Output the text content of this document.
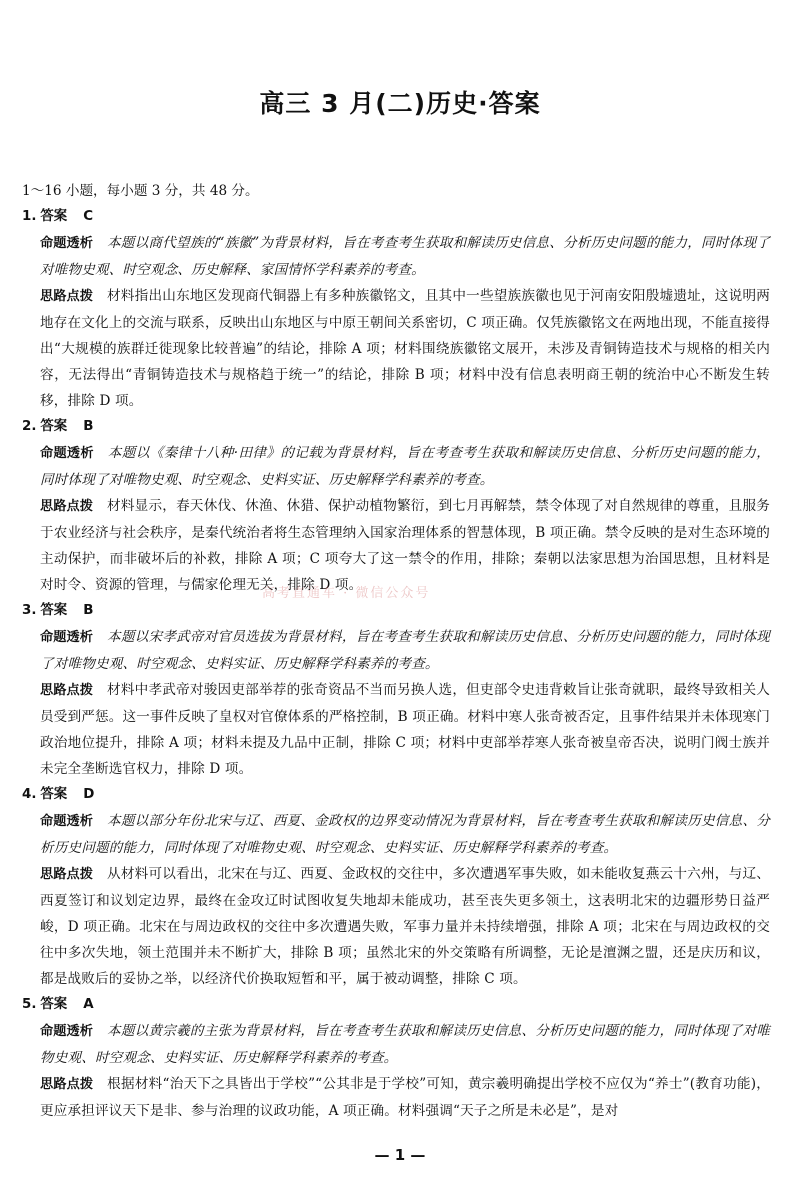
高三 3 月(二)历史·答案

1～16 小题，每小题 3 分，共 48 分。

1. 答案 C

命题透析 本题以商代望族的“族徽”为背景材料，旨在考查考生获取和解读历史信息、分析历史问题的能力，同时体现了对唯物史观、时空观念、历史解释、家国情怀学科素养的考查。

思路点拨 材料指出山东地区发现商代铜器上有多种族徽铭文，且其中一些望族族徽也见于河南安阳殷墟遗址，这说明两地存在文化上的交流与联系，反映出山东地区与中原王朝间关系密切，C 项正确。仅凭族徽铭文在两地出现，不能直接得出“大规模的族群迁徙现象比较普遍”的结论，排除 A 项；材料围绕族徽铭文展开，未涉及青铜铸造技术与规格的相关内容，无法得出“青铜铸造技术与规格趋于统一”的结论，排除 B 项；材料中没有信息表明商王朝的统治中心不断发生转移，排除 D 项。

2. 答案 B

命题透析 本题以《秦律十八种·田律》的记载为背景材料，旨在考查考生获取和解读历史信息、分析历史问题的能力，同时体现了对唯物史观、时空观念、史料实证、历史解释学科素养的考查。

思路点拨 材料显示，春天休伐、休渔、休猎、保护动植物繁衍，到七月再解禁，禁令体现了对自然规律的尊重，且服务于农业经济与社会秩序，是秦代统治者将生态管理纳入国家治理体系的智慧体现，B 项正确。禁令反映的是对生态环境的主动保护，而非破坏后的补救，排除 A 项；C 项夸大了这一禁令的作用，排除；秦朝以法家思想为治国思想，且材料是对时令、资源的管理，与儒家伦理无关，排除 D 项。

3. 答案 B

命题透析 本题以宋孝武帝对官员选拔为背景材料，旨在考查考生获取和解读历史信息、分析历史问题的能力，同时体现了对唯物史观、时空观念、史料实证、历史解释学科素养的考查。

思路点拨 材料中孝武帝对骏因吏部举荐的张奇资品不当而另换人选，但吏部令史违背敕旨让张奇就职，最终导致相关人员受到严惩。这一事件反映了皇权对官僚体系的严格控制，B 项正确。材料中寒人张奇被否定，且事件结果并未体现寒门政治地位提升，排除 A 项；材料未提及九品中正制，排除 C 项；材料中吏部举荐寒人张奇被皇帝否决，说明门阀士族并未完全垄断选官权力，排除 D 项。

4. 答案 D

命题透析 本题以部分年份北宋与辽、西夏、金政权的边界变动情况为背景材料，旨在考查考生获取和解读历史信息、分析历史问题的能力，同时体现了对唯物史观、时空观念、史料实证、历史解释学科素养的考查。

思路点拨 从材料可以看出，北宋在与辽、西夏、金政权的交往中，多次遭遇军事失败，如未能收复燕云十六州，与辽、西夏签订和议划定边界，最终在金攻辽时试图收复失地却未能成功，甚至丧失更多领土，这表明北宋的边疆形势日益严峻，D 项正确。北宋在与周边政权的交往中多次遭遇失败，军事力量并未持续增强，排除 A 项；北宋在与周边政权的交往中多次失地，领土范围并未不断扩大，排除 B 项；虽然北宋的外交策略有所调整，无论是澶渊之盟，还是庆历和议，都是战败后的妥协之举，以经济代价换取短暂和平，属于被动调整，排除 C 项。

5. 答案 A

命题透析 本题以黄宗羲的主张为背景材料，旨在考查考生获取和解读历史信息、分析历史问题的能力，同时体现了对唯物史观、时空观念、史料实证、历史解释学科素养的考查。

思路点拨 根据材料“治天下之具皆出于学校”“公其非是于学校”可知，黄宗羲明确提出学校不应仅为“养士”(教育功能)，更应承担评议天下是非、参与治理的议政功能，A 项正确。材料强调“天子之所是未必是”，是对

高考直通车 · 微信公众号
— 1 —
